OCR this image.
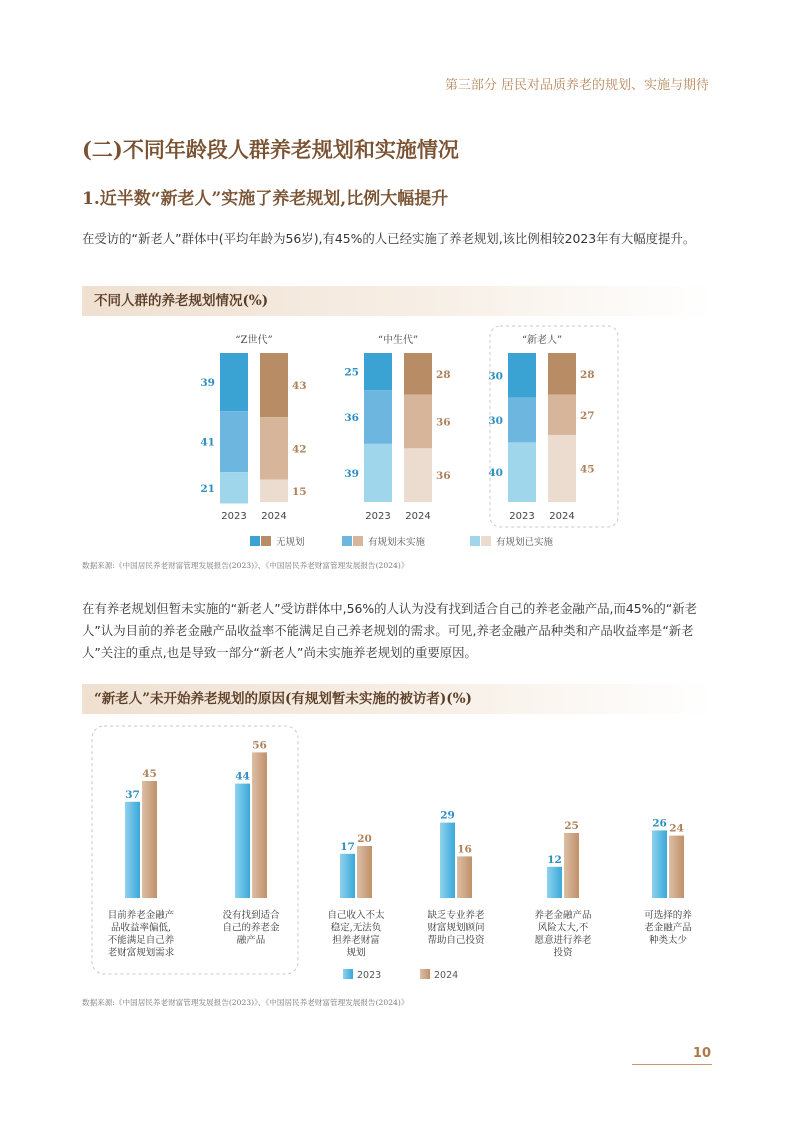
第三部分 居民对品质养老的规划、实施与期待
(二)不同年龄段人群养老规划和实施情况
1.近半数“新老人”实施了养老规划,比例大幅提升
在受访的“新老人”群体中(平均年龄为56岁),有45%的人已经实施了养老规划,该比例相较2023年有大幅度提升。
不同人群的养老规划情况(%)
“Z世代”
39
41
21
2023
43
42
15
2024
“中生代”
25
36
39
2023
28
36
36
2024
“新老人”
30
30
40
2023
28
27
45
2024
无规划	有规划未实施	有规划已实施
数据来源:《中国居民养老财富管理发展报告(2023)》、《中国居民养老财富管理发展报告(2024)》
在有养老规划但暂未实施的“新老人”受访群体中,56%的人认为没有找到适合自己的养老金融产品,而45%的“新老人”认为目前的养老金融产品收益率不能满足自己养老规划的需求。可见,养老金融产品种类和产品收益率是“新老人”关注的重点,也是导致一部分“新老人”尚未实施养老规划的重要原因。
“新老人”未开始养老规划的原因(有规划暂未实施的被访者)(%)
37
45
目前养老金融产
品收益率偏低,
不能满足自己养
老财富规划需求
44
56
没有找到适合
自己的养老金
融产品
17
20
自己收入不太
稳定,无法负
担养老财富
规划
29
16
缺乏专业养老
财富规划顾问
帮助自己投资
12
25
养老金融产品
风险太大,不
愿意进行养老
投资
26 24
可选择的养
老金融产品
种类太少
2023	2024
数据来源:《中国居民养老财富管理发展报告(2023)》、《中国居民养老财富管理发展报告(2024)》
10
